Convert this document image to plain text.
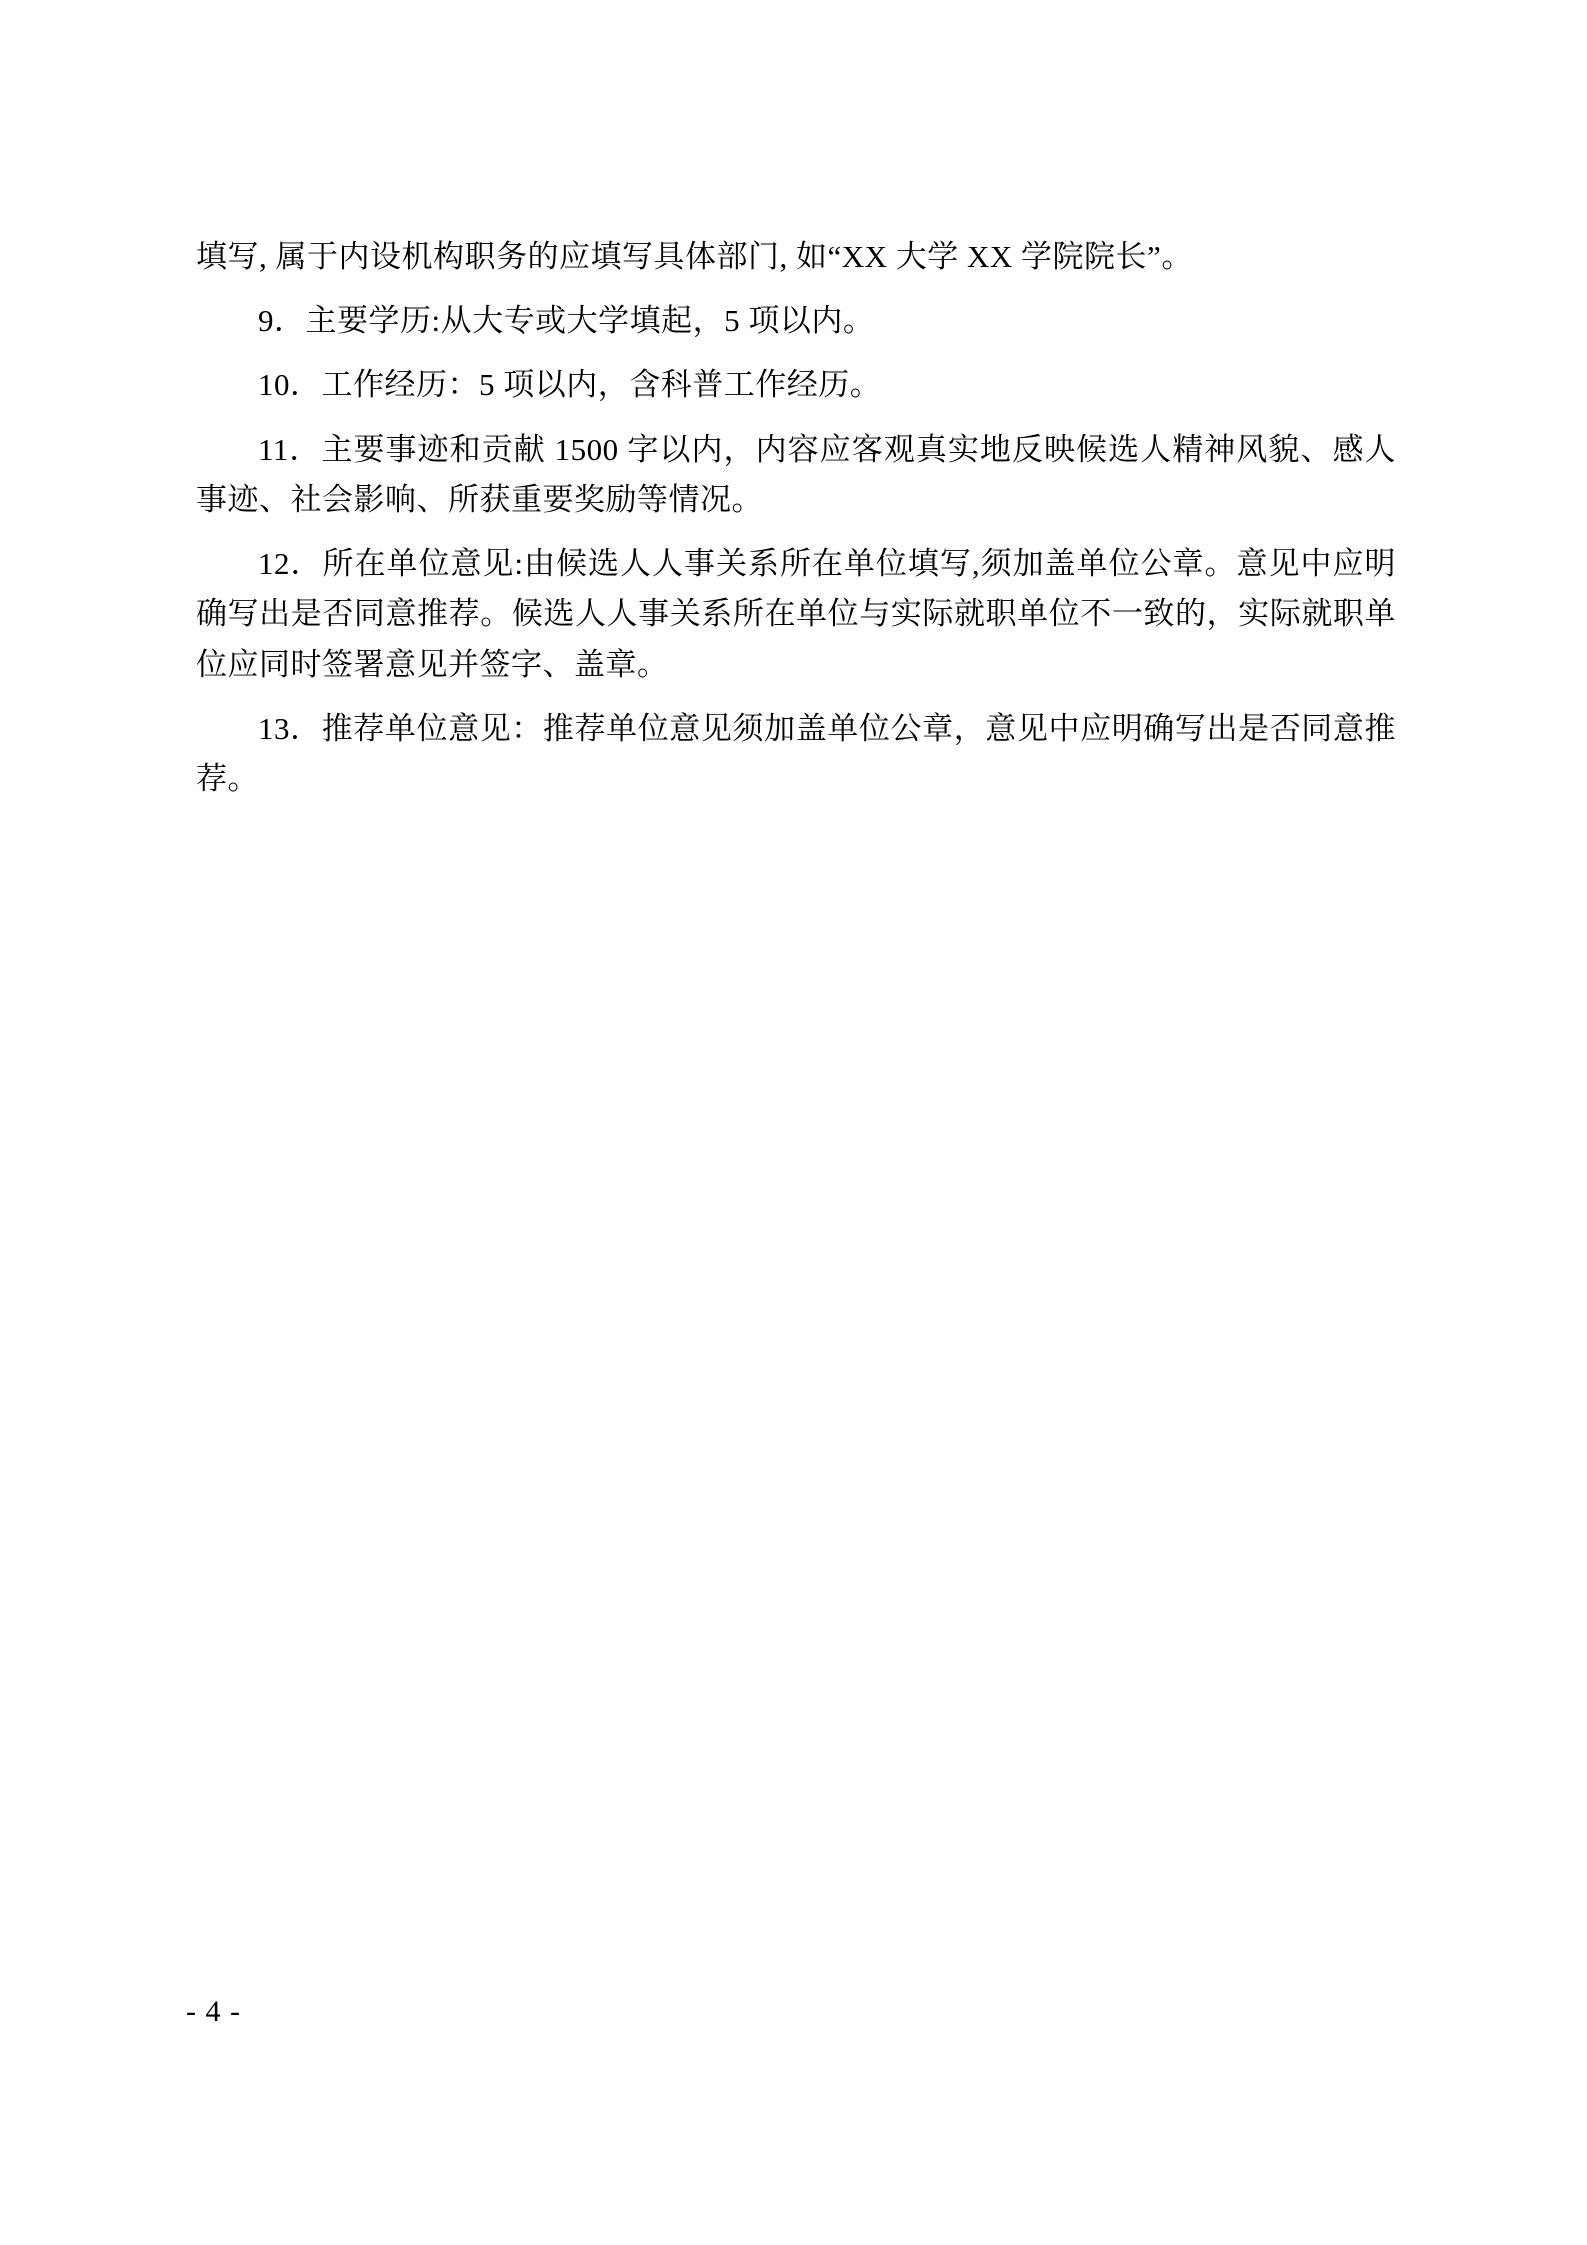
填写, 属于内设机构职务的应填写具体部门, 如“XX 大学 XX 学院院长”。

9．主要学历:从大专或大学填起，5 项以内。

10．工作经历：5 项以内，含科普工作经历。

11．主要事迹和贡献 1500 字以内，内容应客观真实地反映候选人精神风貌、感人事迹、社会影响、所获重要奖励等情况。

12．所在单位意见:由候选人人事关系所在单位填写,须加盖单位公章。意见中应明确写出是否同意推荐。候选人人事关系所在单位与实际就职单位不一致的，实际就职单位应同时签署意见并签字、盖章。

13．推荐单位意见：推荐单位意见须加盖单位公章，意见中应明确写出是否同意推荐。

- 4 -
